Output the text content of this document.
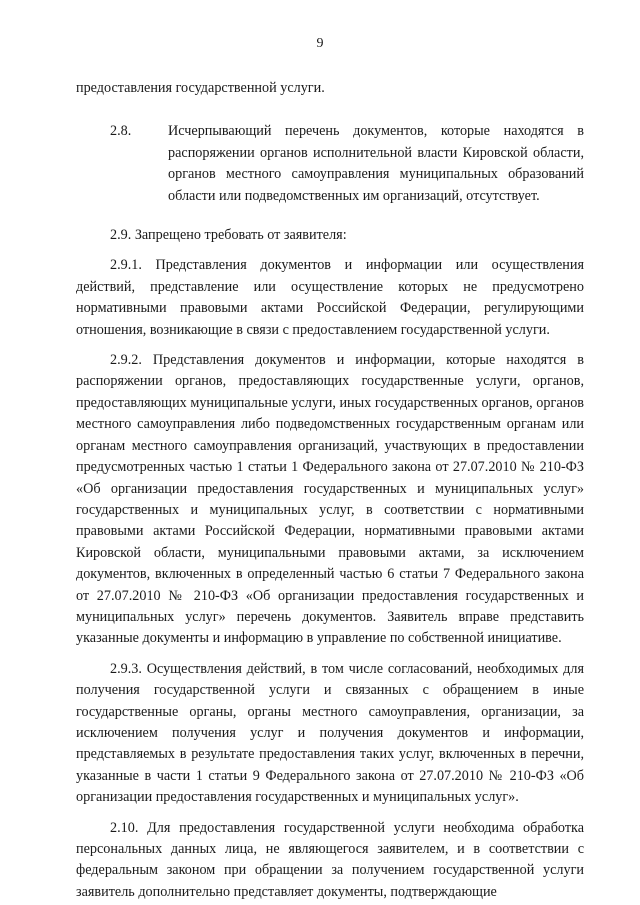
9

предоставления государственной услуги.

2.8.	Исчерпывающий перечень документов, которые находятся в распоряжении органов исполнительной власти Кировской области, органов местного самоуправления муниципальных образований области или подведомственных им организаций, отсутствует.

2.9. Запрещено требовать от заявителя:

2.9.1. Представления документов и информации или осуществления действий, представление или осуществление которых не предусмотрено нормативными правовыми актами Российской Федерации, регулирующими отношения, возникающие в связи с предоставлением государственной услуги.

2.9.2. Представления документов и информации, которые находятся в распоряжении органов, предоставляющих государственные услуги, органов, предоставляющих муниципальные услуги, иных государственных органов, органов местного самоуправления либо подведомственных государственным органам или органам местного самоуправления организаций, участвующих в предоставлении предусмотренных частью 1 статьи 1 Федерального закона от 27.07.2010 № 210-ФЗ «Об организации предоставления государственных и муниципальных услуг» государственных и муниципальных услуг, в соответствии с нормативными правовыми актами Российской Федерации, нормативными правовыми актами Кировской области, муниципальными правовыми актами, за исключением документов, включенных в определенный частью 6 статьи 7 Федерального закона от 27.07.2010 № 210-ФЗ «Об организации предоставления государственных и муниципальных услуг» перечень документов. Заявитель вправе представить указанные документы и информацию в управление по собственной инициативе.

2.9.3. Осуществления действий, в том числе согласований, необходимых для получения государственной услуги и связанных с обращением в иные государственные органы, органы местного самоуправления, организации, за исключением получения услуг и получения документов и информации, представляемых в результате предоставления таких услуг, включенных в перечни, указанные в части 1 статьи 9 Федерального закона от 27.07.2010 № 210-ФЗ «Об организации предоставления государственных и муниципальных услуг».

2.10. Для предоставления государственной услуги необходима обработка персональных данных лица, не являющегося заявителем, и в соответствии с федеральным законом при обращении за получением государственной услуги заявитель дополнительно представляет документы, подтверждающие
